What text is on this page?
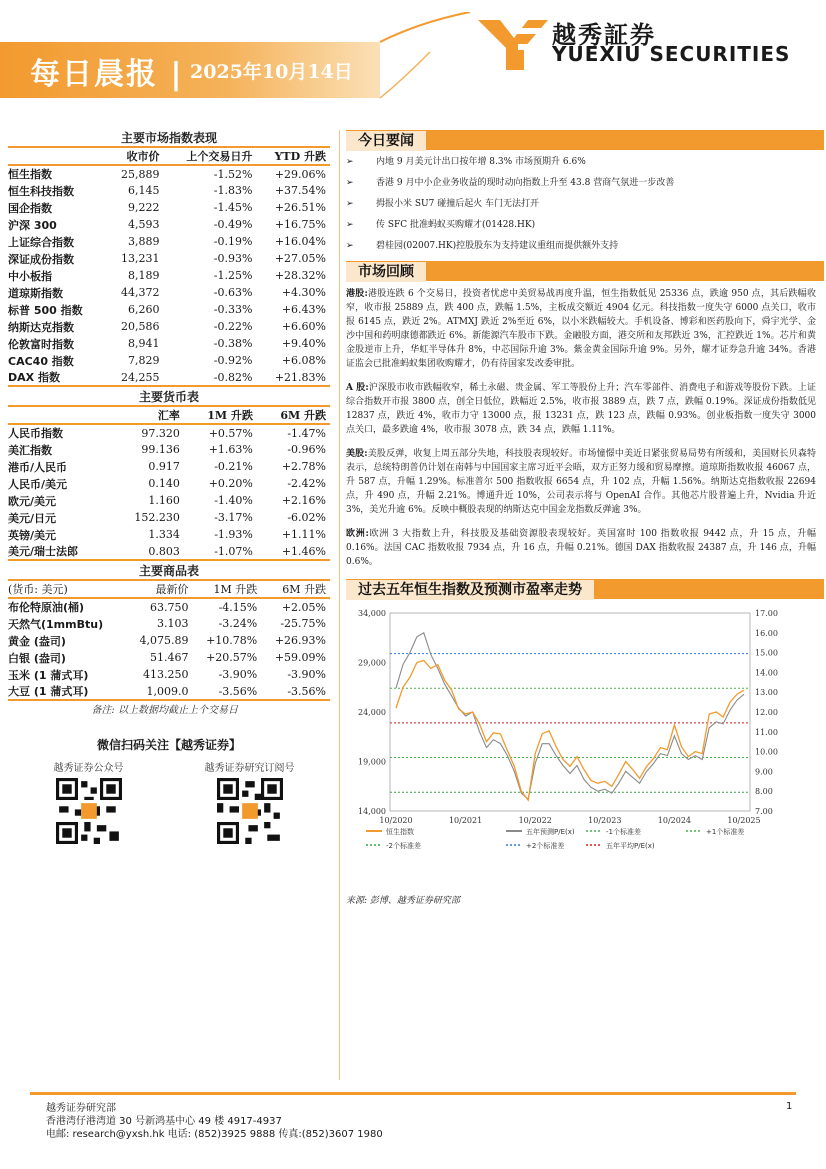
每日晨报 | 2025年10月14日
越秀証券
YUEXIU SECURITIES
主要市场指数表现
	收市价	上个交易日升	YTD 升跌
恒生指数	25,889	-1.52%	+29.06%
恒生科技指数	6,145	-1.83%	+37.54%
国企指数	9,222	-1.45%	+26.51%
沪深 300	4,593	-0.49%	+16.75%
上证综合指数	3,889	-0.19%	+16.04%
深证成份指数	13,231	-0.93%	+27.05%
中小板指	8,189	-1.25%	+28.32%
道琼斯指数	44,372	-0.63%	+4.30%
标普 500 指数	6,260	-0.33%	+6.43%
纳斯达克指数	20,586	-0.22%	+6.60%
伦敦富时指数	8,941	-0.38%	+9.40%
CAC40 指数	7,829	-0.92%	+6.08%
DAX 指数	24,255	-0.82%	+21.83%
主要货币表
	汇率	1M 升跌	6M 升跌
人民币指数	97.320	+0.57%	-1.47%
美汇指数	99.136	+1.63%	-0.96%
港币/人民币	0.917	-0.21%	+2.78%
人民币/美元	0.140	+0.20%	-2.42%
欧元/美元	1.160	-1.40%	+2.16%
美元/日元	152.230	-3.17%	-6.02%
英镑/美元	1.334	-1.93%	+1.11%
美元/瑞士法郎	0.803	-1.07%	+1.46%
主要商品表
(货币: 美元)	最新价	1M 升跌	6M 升跌
布伦特原油(桶)	63.750	-4.15%	+2.05%
天然气(1mmBtu)	3.103	-3.24%	-25.75%
黄金 (盎司)	4,075.89	+10.78%	+26.93%
白银 (盎司)	51.467	+20.57%	+59.09%
玉米 (1 蒲式耳)	413.250	-3.90%	-3.90%
大豆 (1 蒲式耳)	1,009.0	-3.56%	-3.56%
备注: 以上数据均截止上个交易日
微信扫码关注【越秀证券】
越秀证券公众号	越秀证券研究订阅号
今日要闻
➢ 内地 9 月美元计出口按年增 8.3% 市场预期升 6.6%
➢ 香港 9 月中小企业务收益的现时动向指数上升至 43.8 营商气氛进一步改善
➢ 拇报小米 SU7 碰撞后起火 车门无法打开
➢ 传 SFC 批准蚂蚁买购耀才(01428.HK)
➢ 碧桂园(02007.HK)控股股东为支持建议重组而提供额外支持
市场回顾
港股:港股连跌 6 个交易日，投资者忧虑中美贸易战再度升温，恒生指数低见 25336 点，跌逾 950 点，其后跌幅收窄，收市报 25889 点，跌 400 点，跌幅 1.5%，主板成交额近 4904 亿元。科技指数一度失守 6000 点关口，收市报 6145 点，跌近 2%。ATMXJ 跌近 2%至近 6%，以小米跌幅较大。手机设备、博彩和医药股向下，舜宇光学、金沙中国和药明康德都跌近 6%。新能源汽车股市下跌。金融股方面，港交所和友邦跌近 3%，汇控跌近 1%。芯片和黄金股逆市上升，华虹半导体升 8%，中芯国际升逾 3%。紫金黄金国际升逾 9%。另外，耀才证券急升逾 34%。香港证监会已批准蚂蚁集团收购耀才，仍有待国家发改委审批。
A 股:沪深股市收市跌幅收窄，稀土永磁、贵金属、军工等股份上升；汽车零部件、消费电子和游戏等股份下跌。上证综合指数开市报 3800 点，创全日低位，跌幅近 2.5%，收市报 3889 点，跌 7 点，跌幅 0.19%。深证成份指数低见 12837 点，跌近 4%，收市力守 13000 点，报 13231 点，跌 123 点，跌幅 0.93%。创业板指数一度失守 3000 点关口，最多跌逾 4%，收市报 3078 点，跌 34 点，跌幅 1.11%。
美股:美股反弹，收复上周五部分失地，科技股表现较好。市场憧憬中美近日紧张贸易局势有所缓和，美国财长贝森特表示，总统特朗普仍计划在南韩与中国国家主席习近平会晤，双方正努力缓和贸易摩擦。道琼斯指数收报 46067 点，升 587 点，升幅 1.29%。标准普尔 500 指数收报 6654 点，升 102 点，升幅 1.56%。纳斯达克指数收报 22694 点，升 490 点，升幅 2.21%。博通升近 10%，公司表示将与 OpenAI 合作。其他芯片股普遍上升，Nvidia 升近 3%，美光升逾 6%。反映中概股表现的纳斯达克中国金龙指数反弹逾 3%。
欧洲:欧洲 3 大指数上升，科技股及基础资源股表现较好。英国富时 100 指数收报 9442 点，升 15 点，升幅 0.16%。法国 CAC 指数收报 7934 点，升 16 点，升幅 0.21%。德国 DAX 指数收报 24387 点，升 146 点，升幅 0.6%。
过去五年恒生指数及预测市盈率走势
34,000
29,000
24,000
19,000
14,000
17.00
16.00
15.00
14.00
13.00
12.00
11.00
10.00
9.00
8.00
7.00
10/2020	10/2021	10/2022	10/2023	10/2024	10/2025
恒生指数	五年预测P/E(x)	-1个标准差	+1个标准差
-2个标准差	+2个标准差	五年平均P/E(x)
来源: 彭博、越秀证券研究部
越秀证券研究部
香港湾仔港湾道 30 号新鸿基中心 49 楼 4917-4937
电邮: research@yxsh.hk 电话: (852)3925 9888 传真:(852)3607 1980
1
